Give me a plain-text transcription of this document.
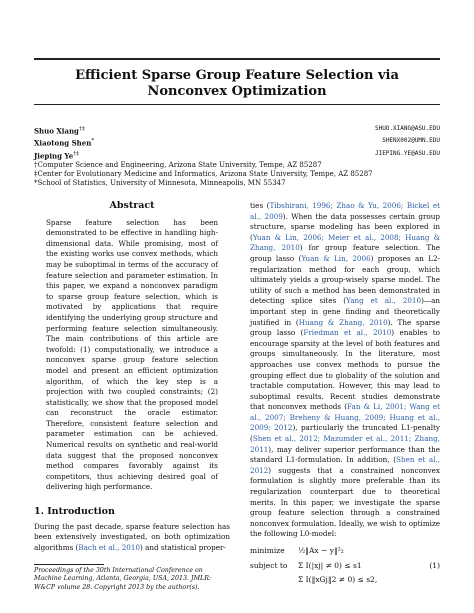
Efficient Sparse Group Feature Selection via
Nonconvex Optimization
Shuo Xiang†‡	SHUO.XIANG@ASU.EDU
Xiaotong Shen*	SHENX002@UMN.EDU
Jieping Ye†‡	JIEPING.YE@ASU.EDU
†Computer Science and Engineering, Arizona State University, Tempe, AZ 85287
‡Center for Evolutionary Medicine and Informatics, Arizona State University, Tempe, AZ 85287
*School of Statistics, University of Minnesota, Minneapolis, MN 55347
Abstract
Sparse feature selection has been demonstrated to be effective in handling high-dimensional data. While promising, most of the existing works use convex methods, which may be suboptimal in terms of the accuracy of feature selection and parameter estimation. In this paper, we expand a nonconvex paradigm to sparse group feature selection, which is motivated by applications that require identifying the underlying group structure and performing feature selection simultaneously. The main contributions of this article are twofold: (1) computationally, we introduce a nonconvex sparse group feature selection model and present an efficient optimization algorithm, of which the key step is a projection with two coupled constraints; (2) statistically, we show that the proposed model can reconstruct the oracle estimator. Therefore, consistent feature selection and parameter estimation can be achieved. Numerical results on synthetic and real-world data suggest that the proposed nonconvex method compares favorably against its competitors, thus achieving desired goal of delivering high performance.
1. Introduction
During the past decade, sparse feature selection has been extensively investigated, on both optimization algorithms (Bach et al., 2010) and statistical proper-
ties (Tibshirani, 1996; Zhao & Yu, 2006; Bickel et al., 2009). When the data possesses certain group structure, sparse modeling has been explored in (Yuan & Lin, 2006; Meier et al., 2008; Huang & Zhang, 2010) for group feature selection. The group lasso (Yuan & Lin, 2006) proposes an L2-regularization method for each group, which ultimately yields a group-wisely sparse model. The utility of such a method has been demonstrated in detecting splice sites (Yang et al., 2010)—an important step in gene finding and theoretically justified in (Huang & Zhang, 2010). The sparse group lasso (Friedman et al., 2010) enables to encourage sparsity at the level of both features and groups simultaneously. In the literature, most approaches use convex methods to pursue the grouping effect due to globality of the solution and tractable computation. However, this may lead to suboptimal results. Recent studies demonstrate that nonconvex methods (Fan & Li, 2001; Wang et al., 2007; Breheny & Huang, 2009; Huang et al., 2009; 2012), particularly the truncated L1-penalty (Shen et al., 2012; Mazumder et al., 2011; Zhang, 2011), may deliver superior performance than the standard L1-formulation. In addition, (Shen et al., 2012) suggests that a constrained nonconvex formulation is slightly more preferable than its regularization counterpart due to theoretical merits. In this paper, we investigate the sparse group feature selection through a constrained nonconvex formulation. Ideally, we wish to optimize the following L0-model:
minimize	½‖Ax − y‖²₂
subject to	Σ I(|xj| ≠ 0) ≤ s1	(1)
Σ I(‖xGj‖2 ≠ 0) ≤ s2,
Proceedings of the 30th International Conference on Machine Learning, Atlanta, Georgia, USA, 2013. JMLR: W&CP volume 28. Copyright 2013 by the author(s).
